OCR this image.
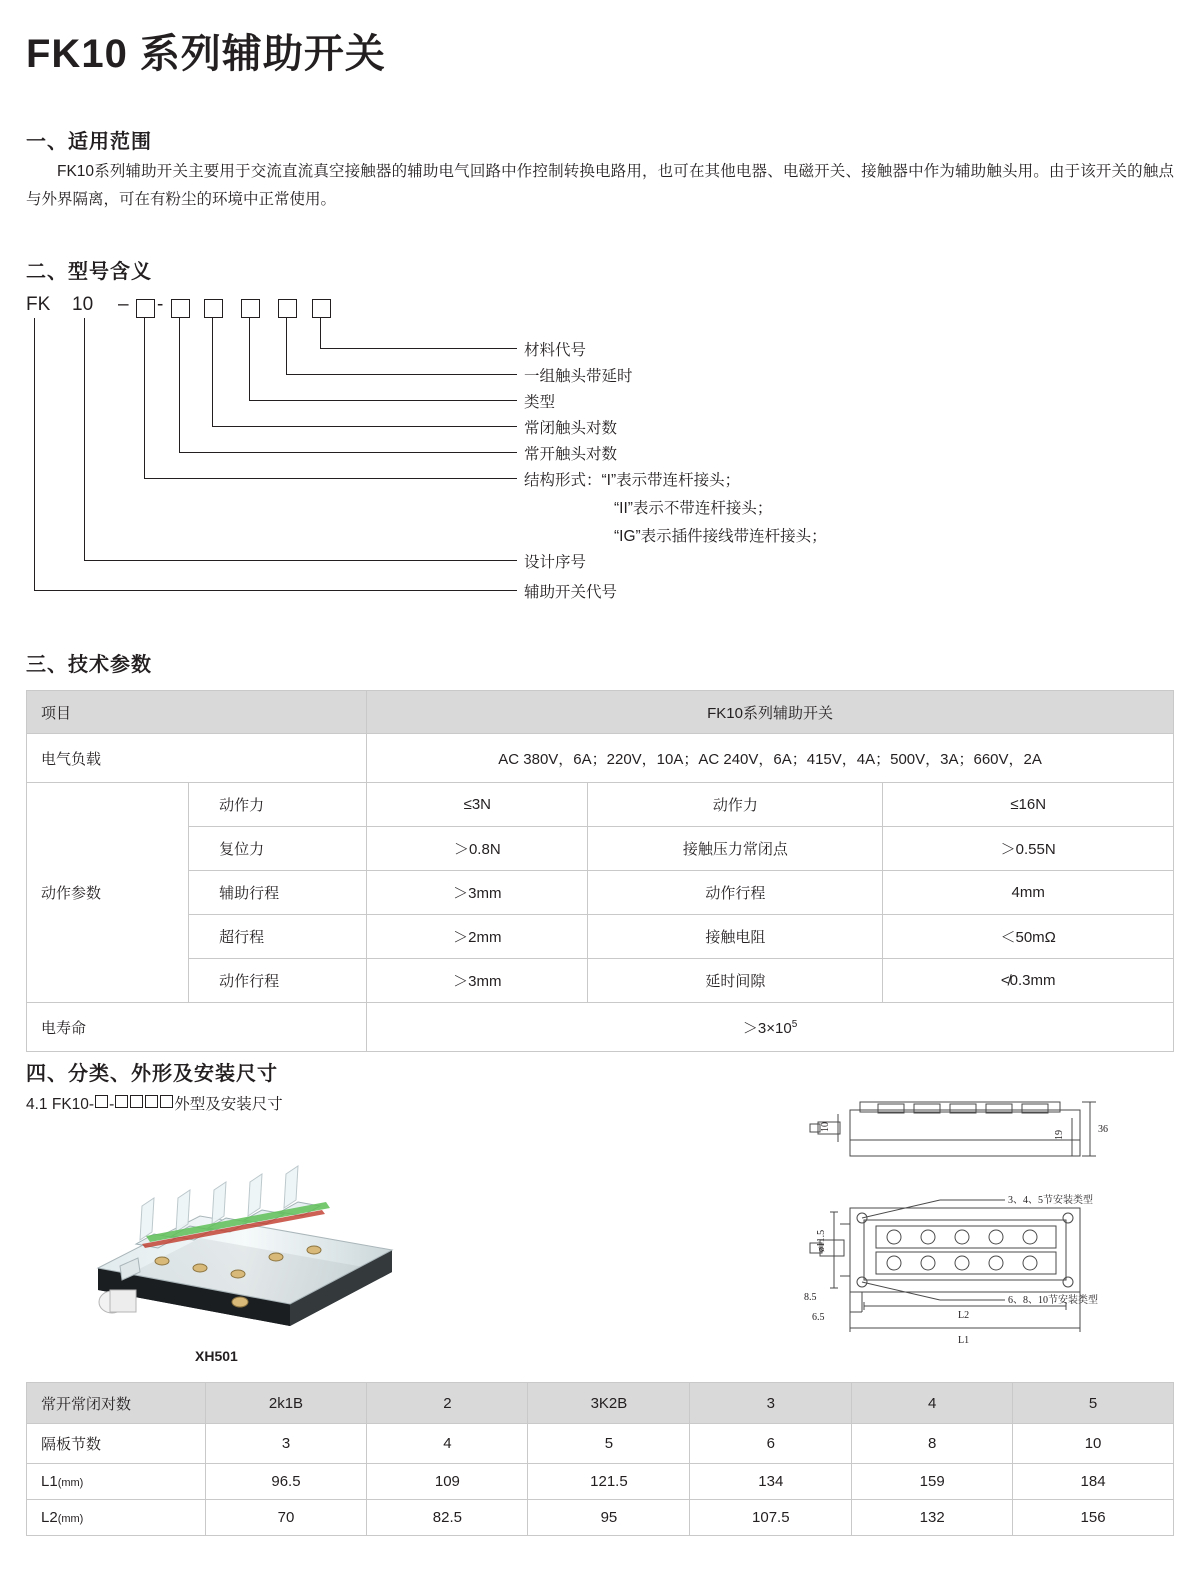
FK10 系列辅助开关
一、适用范围
FK10系列辅助开关主要用于交流直流真空接触器的辅助电气回路中作控制转换电路用，也可在其他电器、电磁开关、接触器中作为辅助触头用。由于该开关的触点与外界隔离，可在有粉尘的环境中正常使用。
二、型号含义
FK 10 – -
材料代号
一组触头带延时
类型
常闭触头对数
常开触头对数
结构形式：“I”表示带连杆接头；
“II”表示不带连杆接头；
“IG”表示插件接线带连杆接头；
设计序号
辅助开关代号
三、技术参数
项目		FK10系列辅助开关		
电气负载		AC 380V，6A；220V，10A；AC 240V，6A；415V，4A；500V，3A；660V，2A		
动作参数	动作力	≤3N	动作力	≤16N
	复位力	＞0.8N	接触压力常闭点	＞0.55N
	辅助行程	＞3mm	动作行程	4mm
	超行程	＞2mm	接触电阻	＜50mΩ
	动作行程	＞3mm	延时间隙	≮0.3mm
电寿命		$>3\times 10^5$
四、分类、外形及安装尺寸
4.1 FK10- -	外型及安装尺寸
XH501
36
19
10
ø11.5
8.5
6.5
3、4、5节安装类型
6、8、10节安装类型
L2
L1
常开常闭对数	2k1B	2	3K2B	3	4	5
隔板节数	3	4	5	6	8	10
L1(mm)	96.5	109	121.5	134	159	184
L2(mm)	70	82.5	95	107.5	132	156
